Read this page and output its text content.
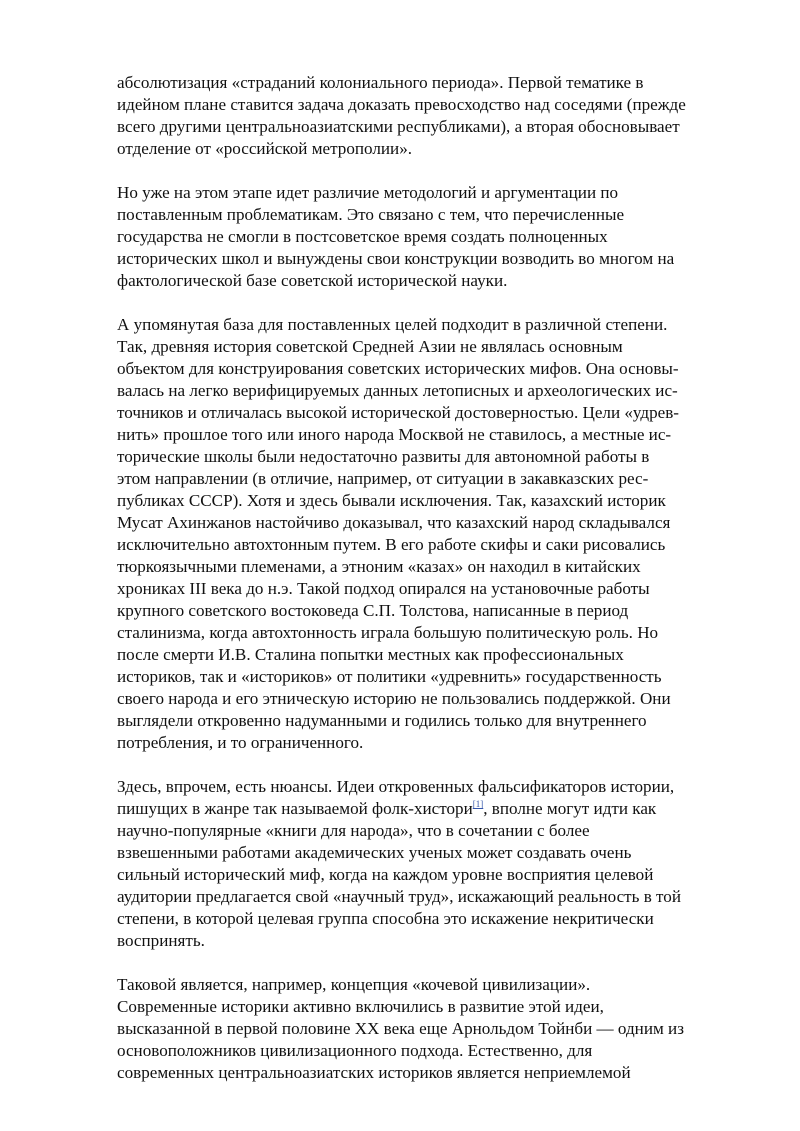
абсолютизация «страданий колониального периода». Первой тематике в
идейном плане ставится задача доказать превосходство над соседями (прежде
всего другими центральноазиатскими республиками), а вторая обосновывает
отделение от «российской метрополии».

Но уже на этом этапе идет различие методологий и аргументации по
поставленным проблематикам. Это связано с тем, что перечисленные
государства не смогли в постсоветское время создать полноценных
исторических школ и вынуждены свои конструкции возводить во многом на
фактологической базе советской исторической науки.

А упомянутая база для поставленных целей подходит в различной степени.
Так, древняя история советской Средней Азии не являлась основным
объектом для конструирования советских исторических мифов. Она основы-
валась на легко верифицируемых данных летописных и археологических ис-
точников и отличалась высокой исторической достоверностью. Цели «удрев-
нить» прошлое того или иного народа Москвой не ставилось, а местные ис-
торические школы были недостаточно развиты для автономной работы в
этом направлении (в отличие, например, от ситуации в закавказских рес-
публиках СССР). Хотя и здесь бывали исключения. Так, казахский историк
Мусат Ахинжанов настойчиво доказывал, что казахский народ складывался
исключительно автохтонным путем. В его работе скифы и саки рисовались
тюркоязычными племенами, а этноним «казах» он находил в китайских
хрониках III века до н.э. Такой подход опирался на установочные работы
крупного советского востоковеда С.П. Толстова, написанные в период
сталинизма, когда автохтонность играла большую политическую роль. Но
после смерти И.В. Сталина попытки местных как профессиональных
историков, так и «историков» от политики «удревнить» государственность
своего народа и его этническую историю не пользовались поддержкой. Они
выглядели откровенно надуманными и годились только для внутреннего
потребления, и то ограниченного.

Здесь, впрочем, есть нюансы. Идеи откровенных фальсификаторов истории,
пишущих в жанре так называемой фолк-хистори[1], вполне могут идти как
научно-популярные «книги для народа», что в сочетании с более
взвешенными работами академических ученых может создавать очень
сильный исторический миф, когда на каждом уровне восприятия целевой
аудитории предлагается свой «научный труд», искажающий реальность в той
степени, в которой целевая группа способна это искажение некритически
воспринять.

Таковой является, например, концепция «кочевой цивилизации».
Современные историки активно включились в развитие этой идеи,
высказанной в первой половине XX века еще Арнольдом Тойнби — одним из
основоположников цивилизационного подхода. Естественно, для
современных центральноазиатских историков является неприемлемой
